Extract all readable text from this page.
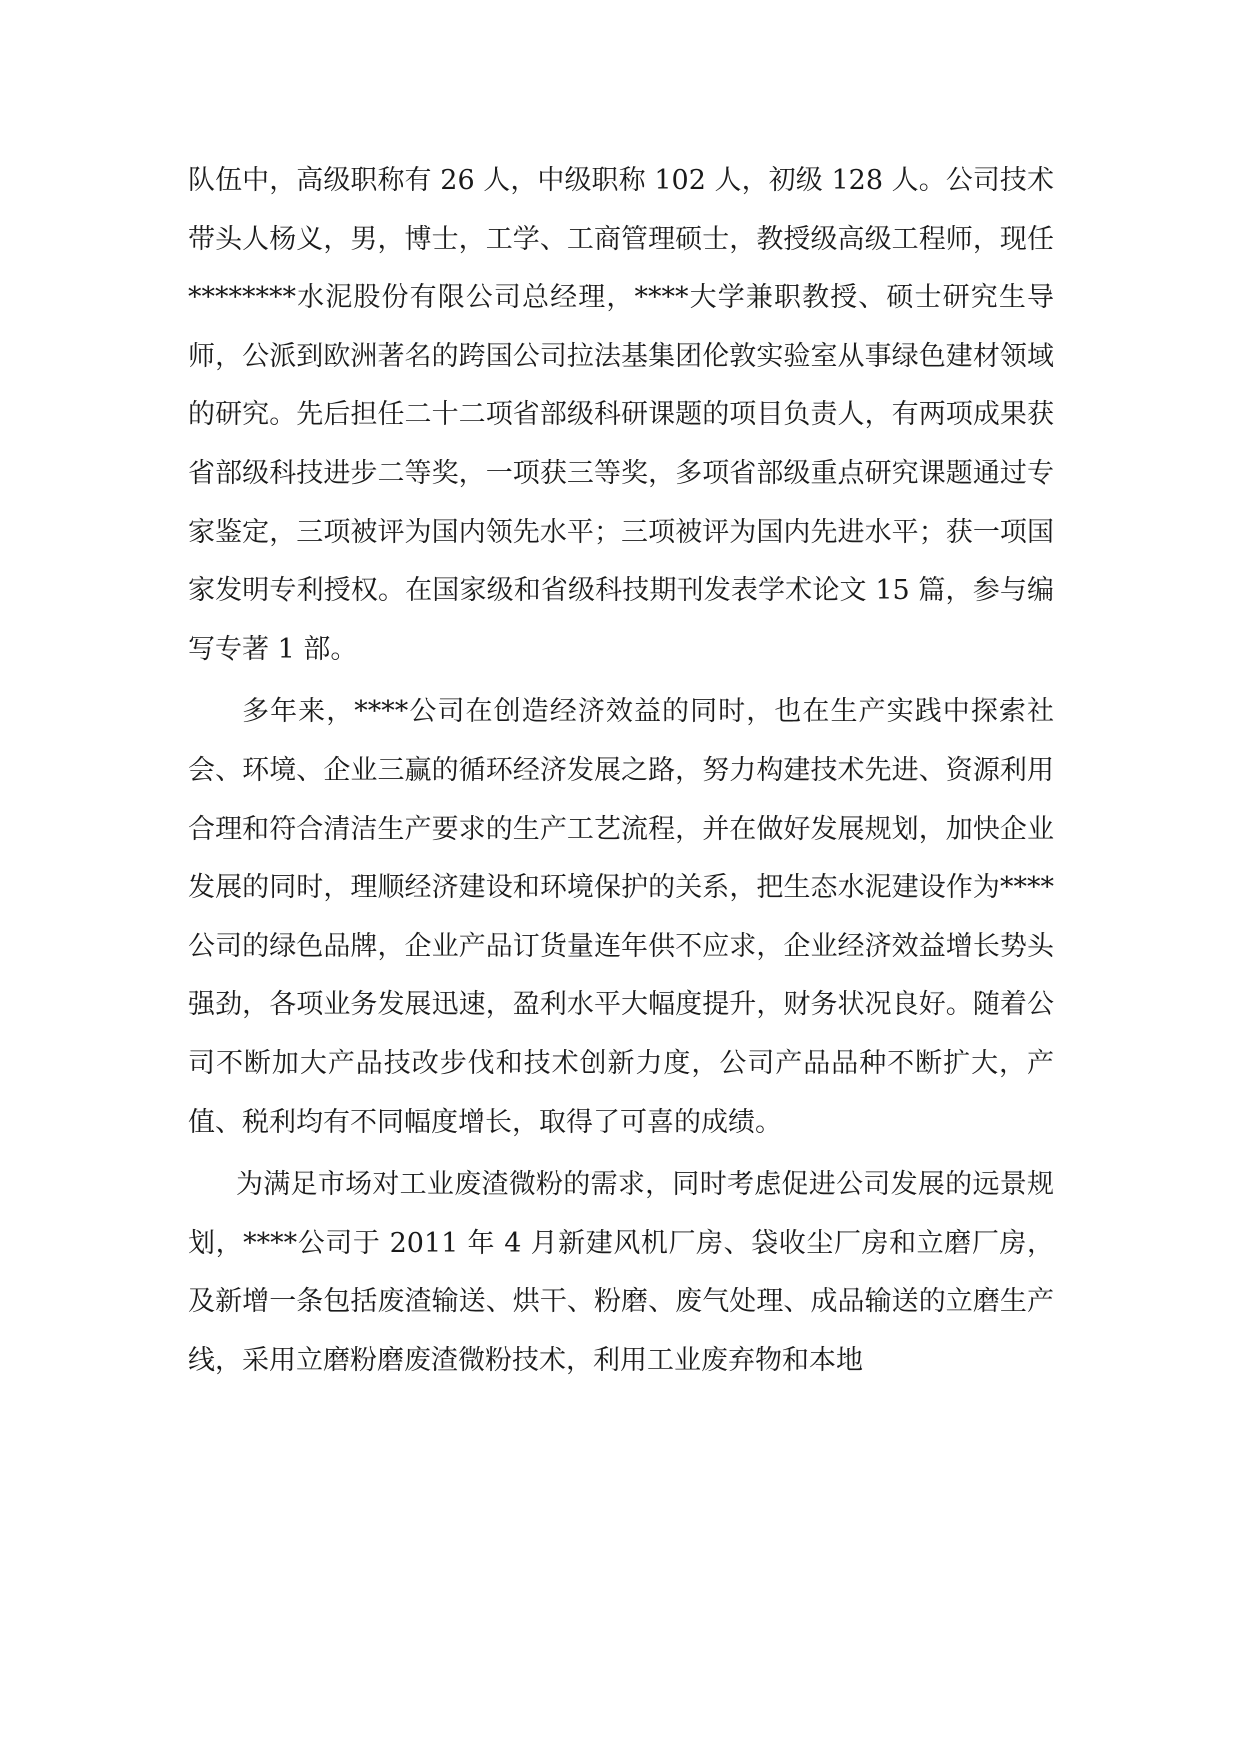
队伍中，高级职称有 26 人，中级职称 102 人，初级 128 人。公司技术带头人杨义，男，博士，工学、工商管理硕士，教授级高级工程师，现任********水泥股份有限公司总经理，****大学兼职教授、硕士研究生导师，公派到欧洲著名的跨国公司拉法基集团伦敦实验室从事绿色建材领域的研究。先后担任二十二项省部级科研课题的项目负责人，有两项成果获省部级科技进步二等奖，一项获三等奖，多项省部级重点研究课题通过专家鉴定，三项被评为国内领先水平；三项被评为国内先进水平；获一项国家发明专利授权。在国家级和省级科技期刊发表学术论文 15 篇，参与编写专著 1 部。

多年来，****公司在创造经济效益的同时，也在生产实践中探索社会、环境、企业三赢的循环经济发展之路，努力构建技术先进、资源利用合理和符合清洁生产要求的生产工艺流程，并在做好发展规划，加快企业发展的同时，理顺经济建设和环境保护的关系，把生态水泥建设作为****公司的绿色品牌，企业产品订货量连年供不应求，企业经济效益增长势头强劲，各项业务发展迅速，盈利水平大幅度提升，财务状况良好。随着公司不断加大产品技改步伐和技术创新力度，公司产品品种不断扩大，产值、税利均有不同幅度增长，取得了可喜的成绩。

为满足市场对工业废渣微粉的需求，同时考虑促进公司发展的远景规划，****公司于 2011 年 4 月新建风机厂房、袋收尘厂房和立磨厂房，及新增一条包括废渣输送、烘干、粉磨、废气处理、成品输送的立磨生产线，采用立磨粉磨废渣微粉技术，利用工业废弃物和本地
